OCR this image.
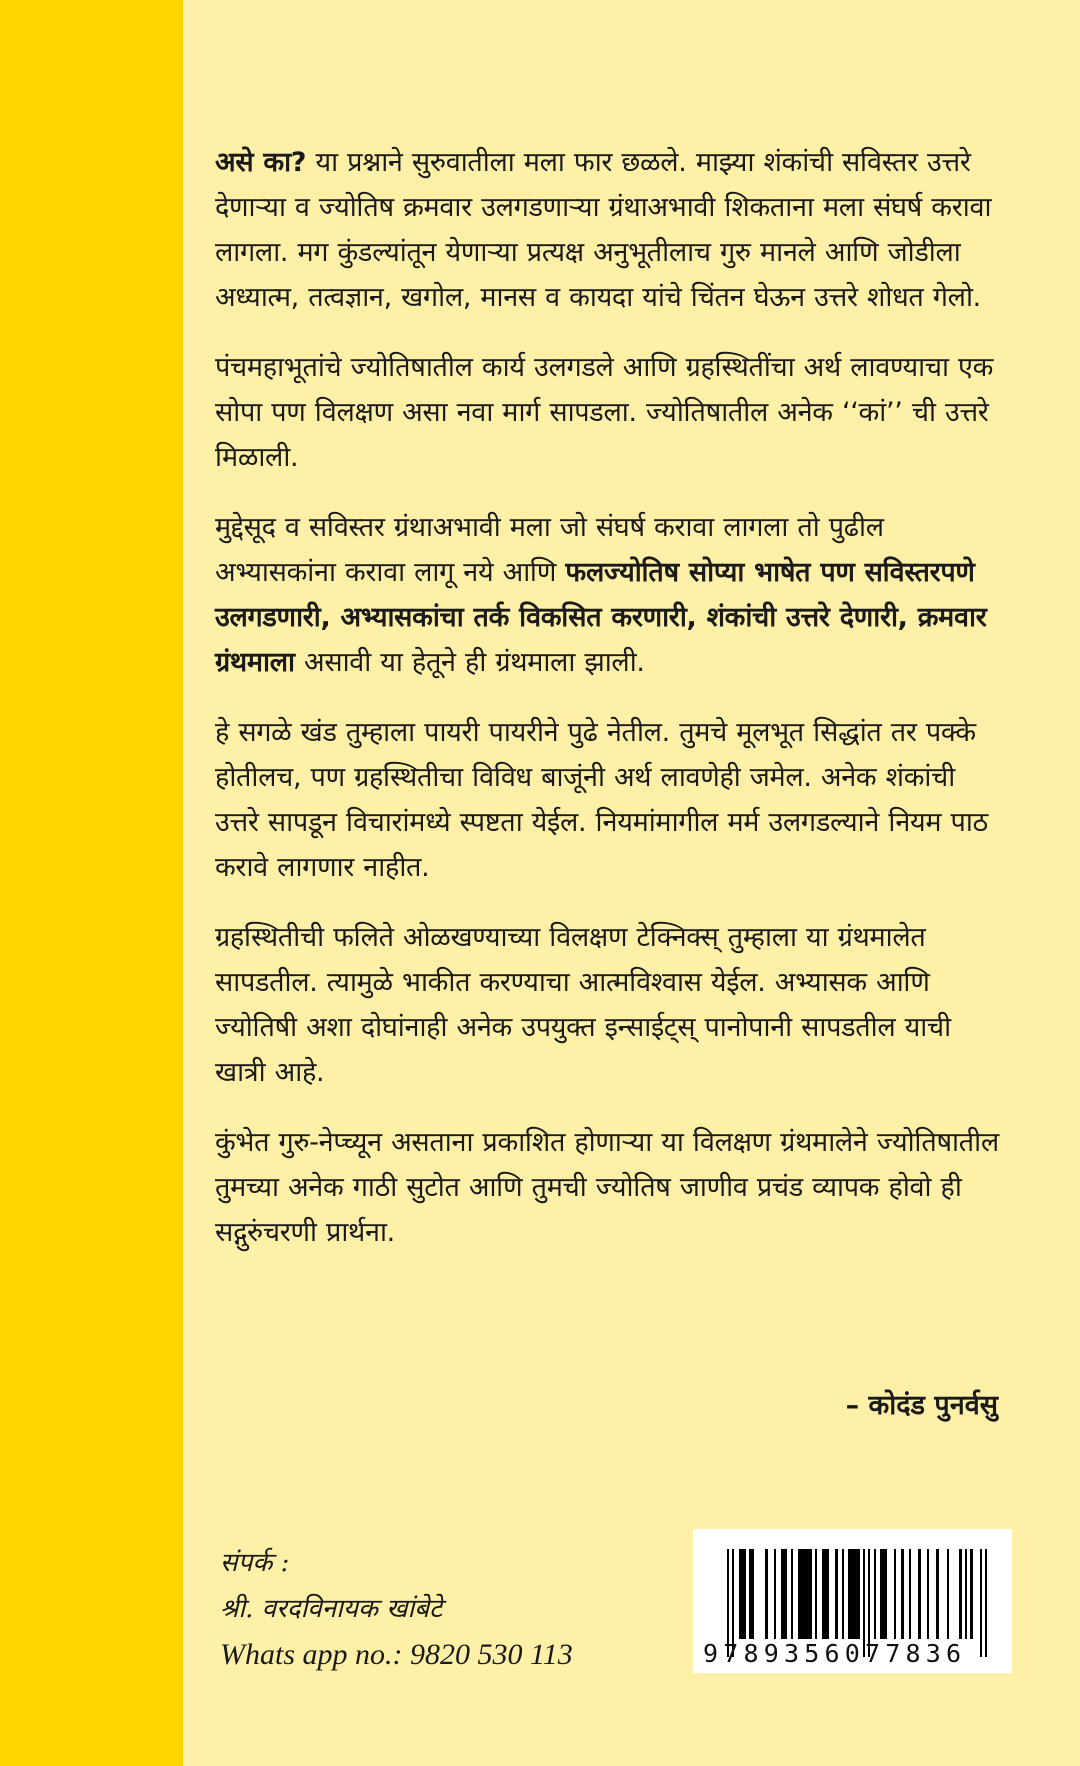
असे का? या प्रश्नाने सुरुवातीला मला फार छळले. माझ्या शंकांची सविस्तर उत्तरे देणाऱ्या व ज्योतिष क्रमवार उलगडणाऱ्या ग्रंथाअभावी शिकताना मला संघर्ष करावा लागला. मग कुंडल्यांतून येणाऱ्या प्रत्यक्ष अनुभूतीलाच गुरु मानले आणि जोडीला अध्यात्म, तत्वज्ञान, खगोल, मानस व कायदा यांचे चिंतन घेऊन उत्तरे शोधत गेलो.

पंचमहाभूतांचे ज्योतिषातील कार्य उलगडले आणि ग्रहस्थितींचा अर्थ लावण्याचा एक सोपा पण विलक्षण असा नवा मार्ग सापडला. ज्योतिषातील अनेक ‘‘कां’’ ची उत्तरे मिळाली.

मुद्देसूद व सविस्तर ग्रंथाअभावी मला जो संघर्ष करावा लागला तो पुढील अभ्यासकांना करावा लागू नये आणि फलज्योतिष सोप्या भाषेत पण सविस्तरपणे उलगडणारी, अभ्यासकांचा तर्क विकसित करणारी, शंकांची उत्तरे देणारी, क्रमवार ग्रंथमाला असावी या हेतूने ही ग्रंथमाला झाली.

हे सगळे खंड तुम्हाला पायरी पायरीने पुढे नेतील. तुमचे मूलभूत सिद्धांत तर पक्के होतीलच, पण ग्रहस्थितीचा विविध बाजूंनी अर्थ लावणेही जमेल. अनेक शंकांची उत्तरे सापडून विचारांमध्ये स्पष्टता येईल. नियमांमागील मर्म उलगडल्याने नियम पाठ करावे लागणार नाहीत.

ग्रहस्थितीची फलिते ओळखण्याच्या विलक्षण टेक्निक्स् तुम्हाला या ग्रंथमालेत सापडतील. त्यामुळे भाकीत करण्याचा आत्मविश्वास येईल. अभ्यासक आणि ज्योतिषी अशा दोघांनाही अनेक उपयुक्त इन्साईट्स् पानोपानी सापडतील याची खात्री आहे.

कुंभेत गुरु-नेप्च्यून असताना प्रकाशित होणाऱ्या या विलक्षण ग्रंथमालेने ज्योतिषातील तुमच्या अनेक गाठी सुटोत आणि तुमची ज्योतिष जाणीव प्रचंड व्यापक होवो ही सद्गुरुंचरणी प्रार्थना.

– कोदंड पुनर्वसु
संपर्क :
श्री. वरदविनायक खांबेटे
Whats app no.: 9820 530 113	9789356077836
